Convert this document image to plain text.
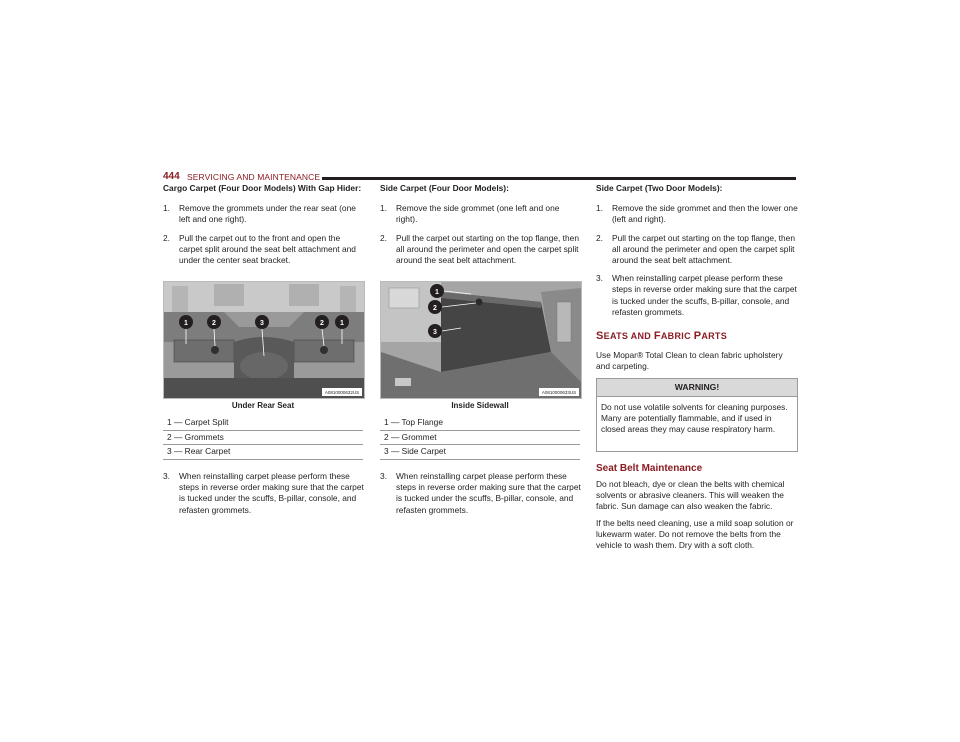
444 SERVICING AND MAINTENANCE
Cargo Carpet (Four Door Models) With Gap Hider:
1. Remove the grommets under the rear seat (one left and one right).
2. Pull the carpet out to the front and open the carpet split around the seat belt attachment and under the center seat bracket.
1	2	3	2 1
A0810000632US
Under Rear Seat
1 — Carpet Split
2 — Grommets
3 — Rear Carpet
3. When reinstalling carpet please perform these steps in reverse order making sure that the carpet is tucked under the scuffs, B-pillar, console, and refasten grommets.
Side Carpet (Four Door Models):
1. Remove the side grommet (one left and one right).
2. Pull the carpet out starting on the top flange, then all around the perimeter and open the carpet split around the seat belt attachment.
1
2
3
A0810000633US
Inside Sidewall
1 — Top Flange
2 — Grommet
3 — Side Carpet
3. When reinstalling carpet please perform these steps in reverse order making sure that the carpet is tucked under the scuffs, B-pillar, console, and refasten grommets.
Side Carpet (Two Door Models):
1. Remove the side grommet and then the lower one (left and right).
2. Pull the carpet out starting on the top flange, then all around the perimeter and open the carpet split around the seat belt attachment.
3. When reinstalling carpet please perform these steps in reverse order making sure that the carpet is tucked under the scuffs, B-pillar, console, and refasten grommets.
SEATS AND FABRIC PARTS

Use Mopar® Total Clean to clean fabric upholstery and carpeting.

WARNING!
Do not use volatile solvents for cleaning purposes. Many are potentially flammable, and if used in closed areas they may cause respiratory harm.
Seat Belt Maintenance

Do not bleach, dye or clean the belts with chemical solvents or abrasive cleaners. This will weaken the fabric. Sun damage can also weaken the fabric.

If the belts need cleaning, use a mild soap solution or lukewarm water. Do not remove the belts from the vehicle to wash them. Dry with a soft cloth.
